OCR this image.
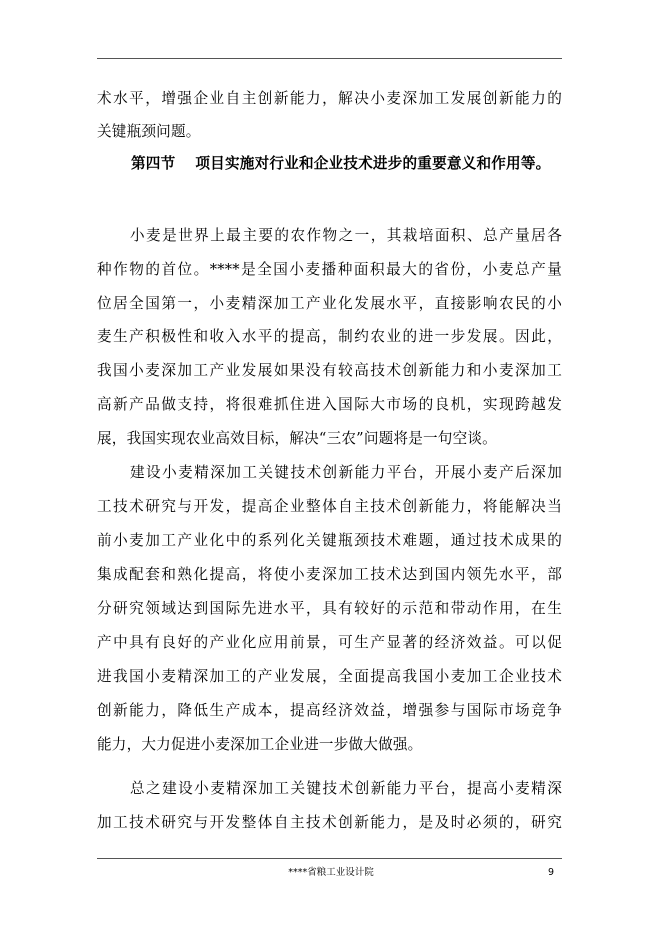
术水平，增强企业自主创新能力，解决小麦深加工发展创新能力的
关键瓶颈问题。
第四节 项目实施对行业和企业技术进步的重要意义和作用等。
小麦是世界上最主要的农作物之一，其栽培面积、总产量居各
种作物的首位。****是全国小麦播种面积最大的省份，小麦总产量
位居全国第一，小麦精深加工产业化发展水平，直接影响农民的小
麦生产积极性和收入水平的提高，制约农业的进一步发展。因此，
我国小麦深加工产业发展如果没有较高技术创新能力和小麦深加工
高新产品做支持，将很难抓住进入国际大市场的良机，实现跨越发
展，我国实现农业高效目标，解决“三农”问题将是一句空谈。
建设小麦精深加工关键技术创新能力平台，开展小麦产后深加
工技术研究与开发，提高企业整体自主技术创新能力，将能解决当
前小麦加工产业化中的系列化关键瓶颈技术难题，通过技术成果的
集成配套和熟化提高，将使小麦深加工技术达到国内领先水平，部
分研究领域达到国际先进水平，具有较好的示范和带动作用，在生
产中具有良好的产业化应用前景，可生产显著的经济效益。可以促
进我国小麦精深加工的产业发展，全面提高我国小麦加工企业技术
创新能力，降低生产成本，提高经济效益，增强参与国际市场竞争
能力，大力促进小麦深加工企业进一步做大做强。
总之建设小麦精深加工关键技术创新能力平台，提高小麦精深
加工技术研究与开发整体自主技术创新能力，是及时必须的，研究
****省粮工业设计院	9
